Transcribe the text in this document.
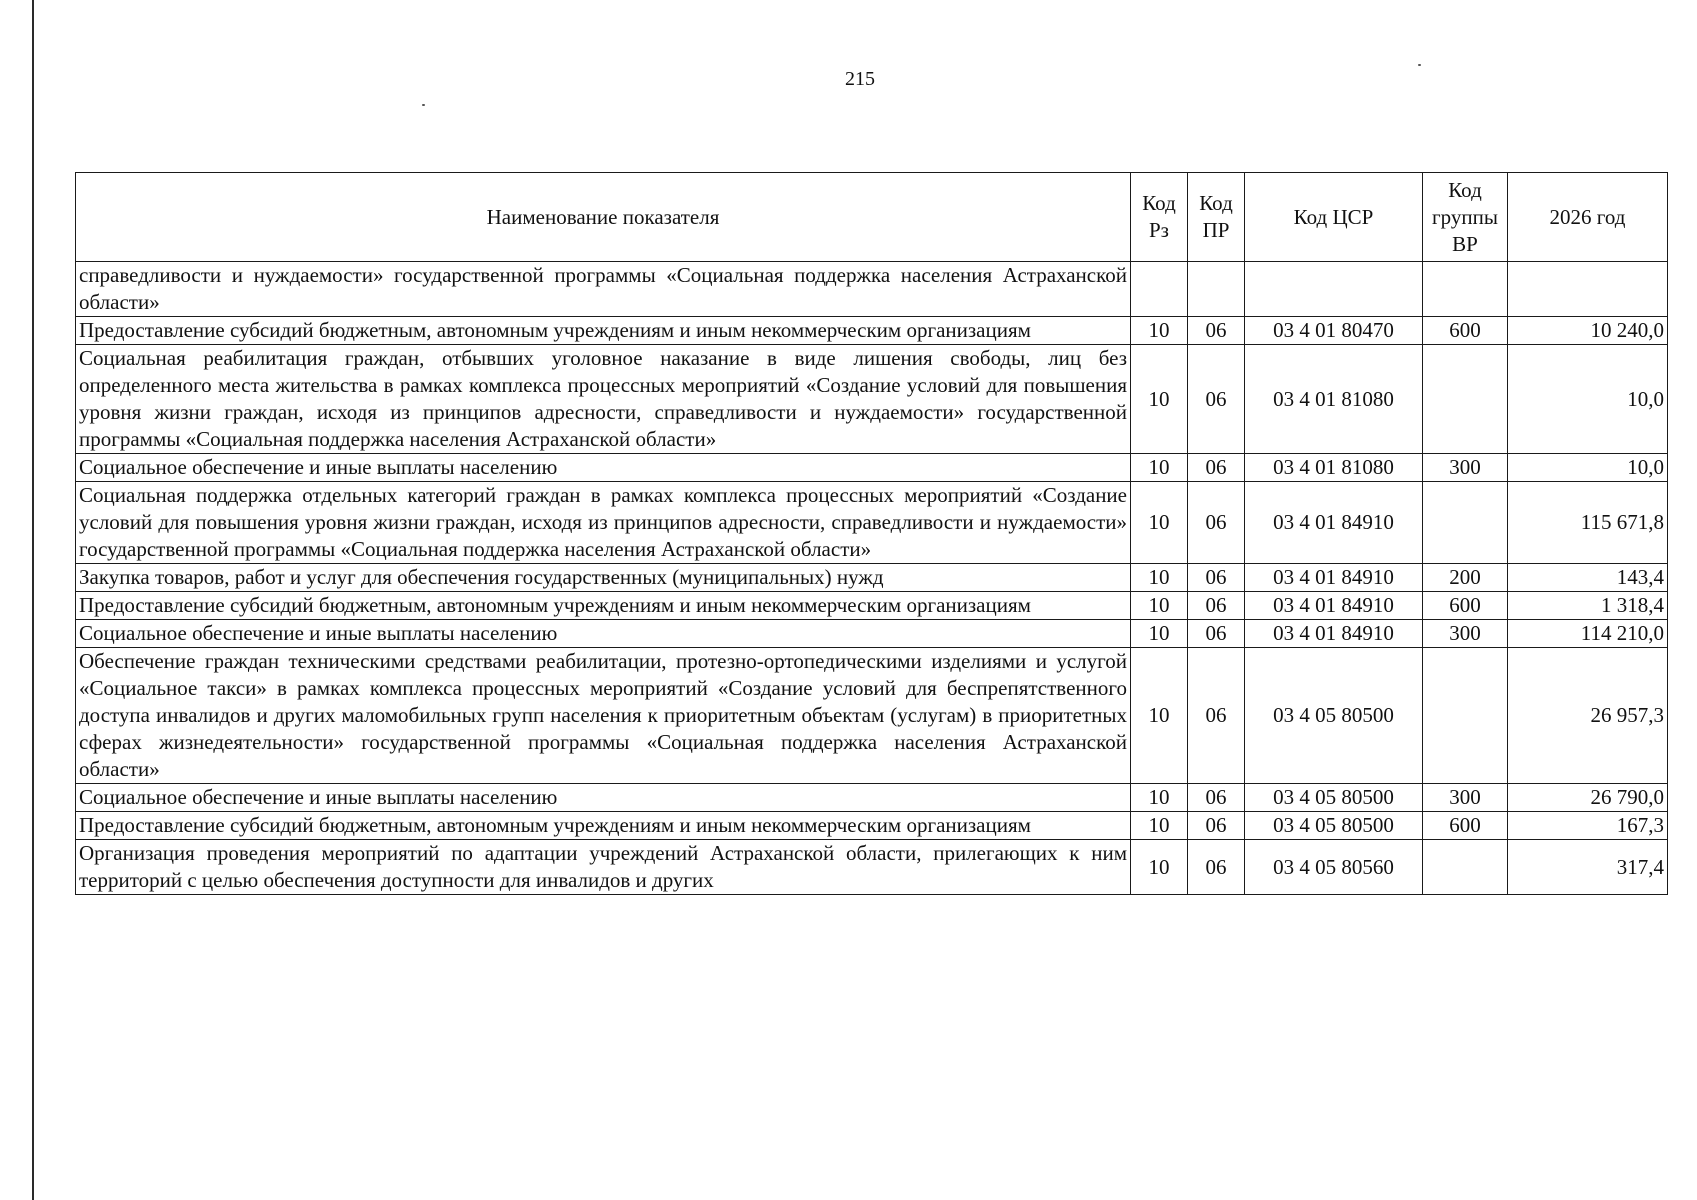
215
Наименование показателя	Код Рз	Код ПР	Код ЦСР	Код группы ВР	2026 год
справедливости и нуждаемости» государственной программы «Социальная поддержка населения Астраханской области»					
Предоставление субсидий бюджетным, автономным учреждениям и иным некоммерческим организациям	10	06	03 4 01 80470	600	10 240,0
Социальная реабилитация граждан, отбывших уголовное наказание в виде лишения свободы, лиц без определенного места жительства в рамках комплекса процессных мероприятий «Создание условий для повышения уровня жизни граждан, исходя из принципов адресности, справедливости и нуждаемости» государственной программы «Социальная поддержка населения Астраханской области»	10	06	03 4 01 81080		10,0
Социальное обеспечение и иные выплаты населению	10	06	03 4 01 81080	300	10,0
Социальная поддержка отдельных категорий граждан в рамках комплекса процессных мероприятий «Создание условий для повышения уровня жизни граждан, исходя из принципов адресности, справедливости и нуждаемости» государственной программы «Социальная поддержка населения Астраханской области»	10	06	03 4 01 84910		115 671,8
Закупка товаров, работ и услуг для обеспечения государственных (муниципальных) нужд	10	06	03 4 01 84910	200	143,4
Предоставление субсидий бюджетным, автономным учреждениям и иным некоммерческим организациям	10	06	03 4 01 84910	600	1 318,4
Социальное обеспечение и иные выплаты населению	10	06	03 4 01 84910	300	114 210,0
Обеспечение граждан техническими средствами реабилитации, протезно-ортопедическими изделиями и услугой «Социальное такси» в рамках комплекса процессных мероприятий «Создание условий для беспрепятственного доступа инвалидов и других маломобильных групп населения к приоритетным объектам (услугам) в приоритетных сферах жизнедеятельности» государственной программы «Социальная поддержка населения Астраханской области»	10	06	03 4 05 80500		26 957,3
Социальное обеспечение и иные выплаты населению	10	06	03 4 05 80500	300	26 790,0
Предоставление субсидий бюджетным, автономным учреждениям и иным некоммерческим организациям	10	06	03 4 05 80500	600	167,3
Организация проведения мероприятий по адаптации учреждений Астраханской области, прилегающих к ним территорий с целью обеспечения доступности для инвалидов и других	10	06	03 4 05 80560		317,4
